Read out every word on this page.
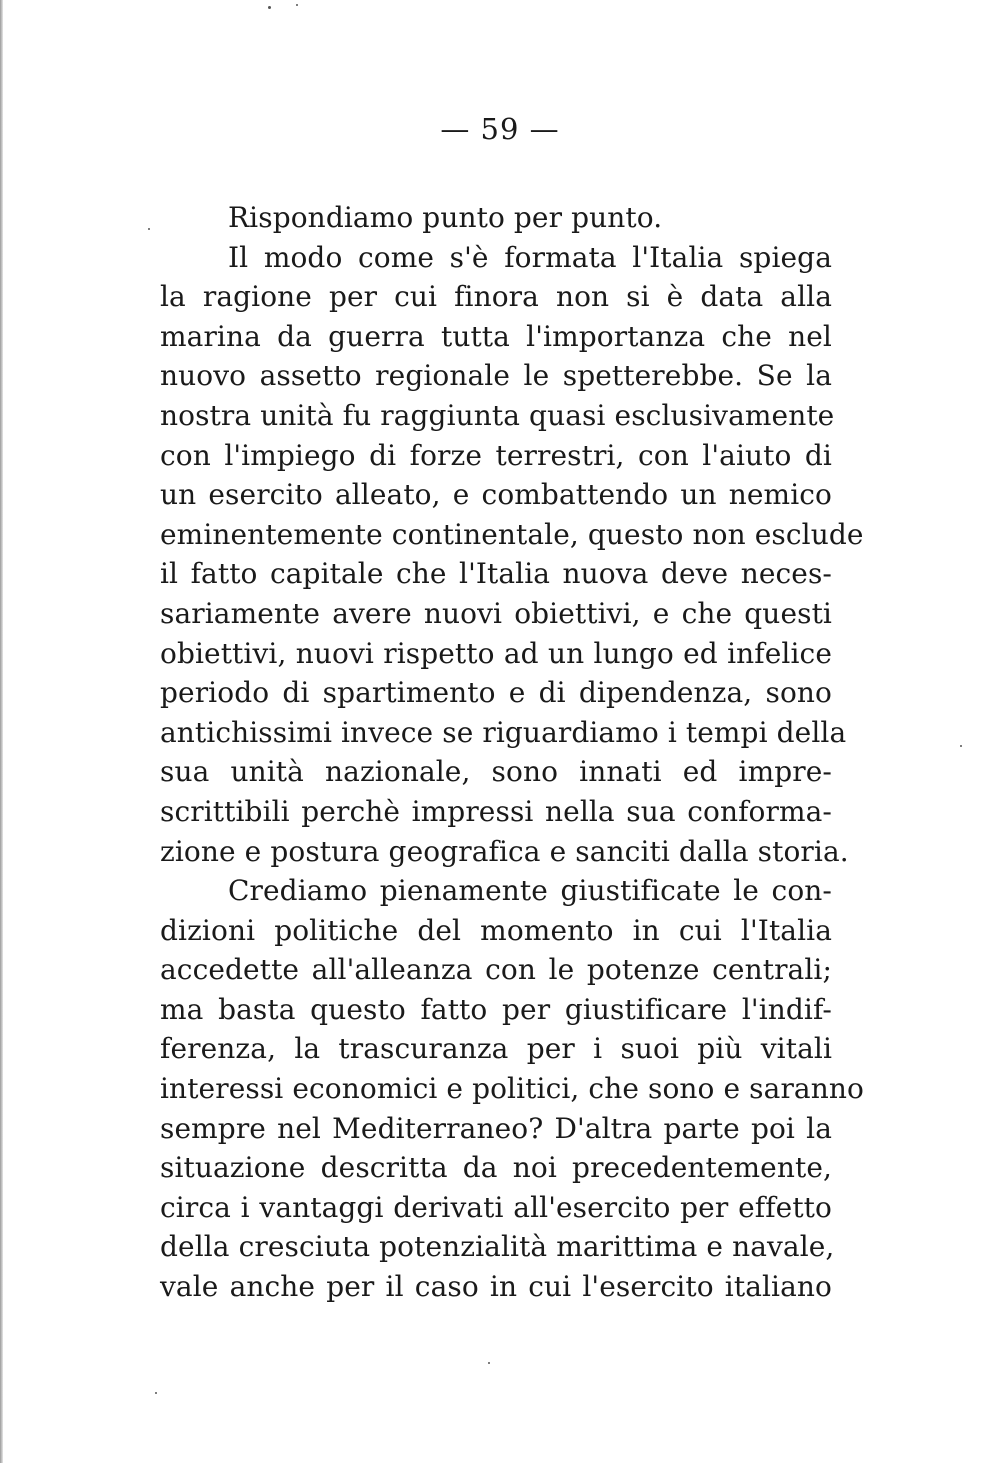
— 59 —
Rispondiamo punto per punto.
Il modo come s'è formata l'Italia spiega
la ragione per cui finora non si è data alla
marina da guerra tutta l'importanza che nel
nuovo assetto regionale le spetterebbe. Se la
nostra unità fu raggiunta quasi esclusivamente
con l'impiego di forze terrestri, con l'aiuto di
un esercito alleato, e combattendo un nemico
eminentemente continentale, questo non esclude
il fatto capitale che l'Italia nuova deve neces-
sariamente avere nuovi obiettivi, e che questi
obiettivi, nuovi rispetto ad un lungo ed infelice
periodo di spartimento e di dipendenza, sono
antichissimi invece se riguardiamo i tempi della
sua unità nazionale, sono innati ed impre-
scrittibili perchè impressi nella sua conforma-
zione e postura geografica e sanciti dalla storia.
Crediamo pienamente giustificate le con-
dizioni politiche del momento in cui l'Italia
accedette all'alleanza con le potenze centrali;
ma basta questo fatto per giustificare l'indif-
ferenza, la trascuranza per i suoi più vitali
interessi economici e politici, che sono e saranno
sempre nel Mediterraneo? D'altra parte poi la
situazione descritta da noi precedentemente,
circa i vantaggi derivati all'esercito per effetto
della cresciuta potenzialità marittima e navale,
vale anche per il caso in cui l'esercito italiano
